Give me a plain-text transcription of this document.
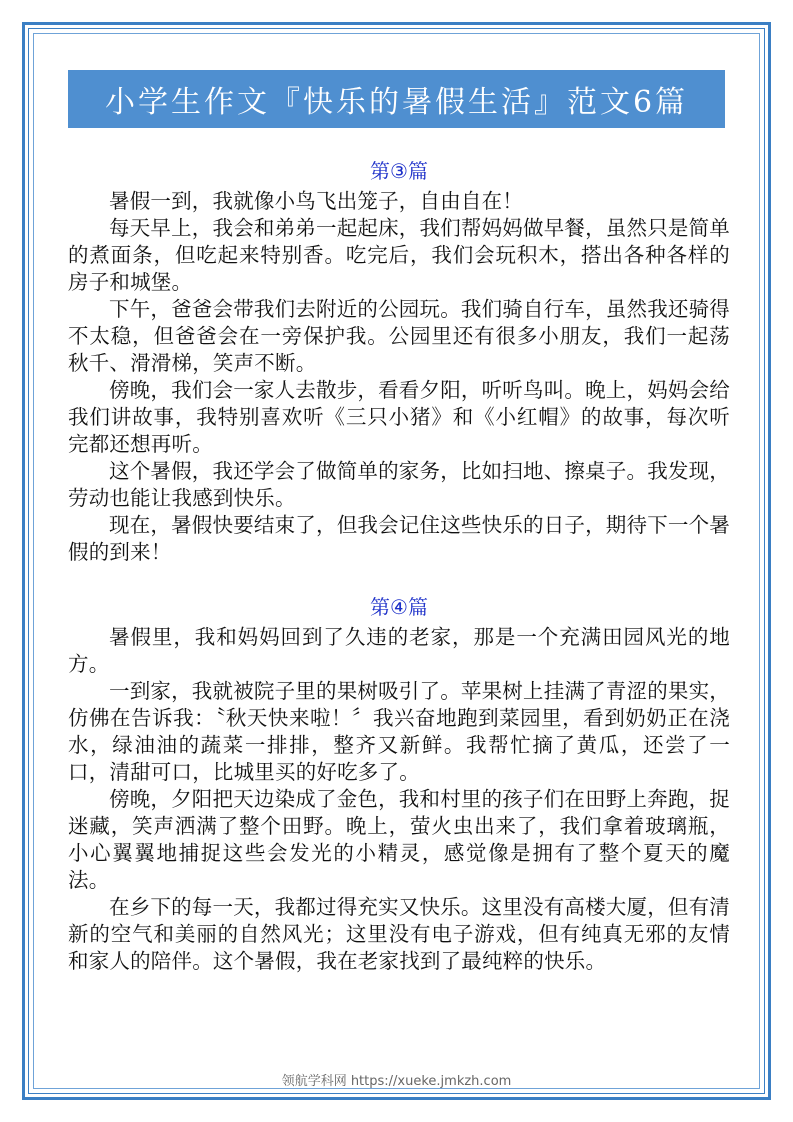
小学生作文『快乐的暑假生活』范文6篇
第③篇

暑假一到，我就像小鸟飞出笼子，自由自在！

每天早上，我会和弟弟一起起床，我们帮妈妈做早餐，虽然只是简单的煮面条，但吃起来特别香。吃完后，我们会玩积木，搭出各种各样的房子和城堡。

下午，爸爸会带我们去附近的公园玩。我们骑自行车，虽然我还骑得不太稳，但爸爸会在一旁保护我。公园里还有很多小朋友，我们一起荡秋千、滑滑梯，笑声不断。

傍晚，我们会一家人去散步，看看夕阳，听听鸟叫。晚上，妈妈会给我们讲故事，我特别喜欢听《三只小猪》和《小红帽》的故事，每次听完都还想再听。

这个暑假，我还学会了做简单的家务，比如扫地、擦桌子。我发现，劳动也能让我感到快乐。

现在，暑假快要结束了，但我会记住这些快乐的日子，期待下一个暑假的到来！

第④篇

暑假里，我和妈妈回到了久违的老家，那是一个充满田园风光的地方。

一到家，我就被院子里的果树吸引了。苹果树上挂满了青涩的果实，仿佛在告诉我：〝秋天快来啦！〞我兴奋地跑到菜园里，看到奶奶正在浇水，绿油油的蔬菜一排排，整齐又新鲜。我帮忙摘了黄瓜，还尝了一口，清甜可口，比城里买的好吃多了。

傍晚，夕阳把天边染成了金色，我和村里的孩子们在田野上奔跑，捉迷藏，笑声洒满了整个田野。晚上，萤火虫出来了，我们拿着玻璃瓶，小心翼翼地捕捉这些会发光的小精灵，感觉像是拥有了整个夏天的魔法。

在乡下的每一天，我都过得充实又快乐。这里没有高楼大厦，但有清新的空气和美丽的自然风光；这里没有电子游戏，但有纯真无邪的友情和家人的陪伴。这个暑假，我在老家找到了最纯粹的快乐。

领航学科网 https://xueke.jmkzh.com
